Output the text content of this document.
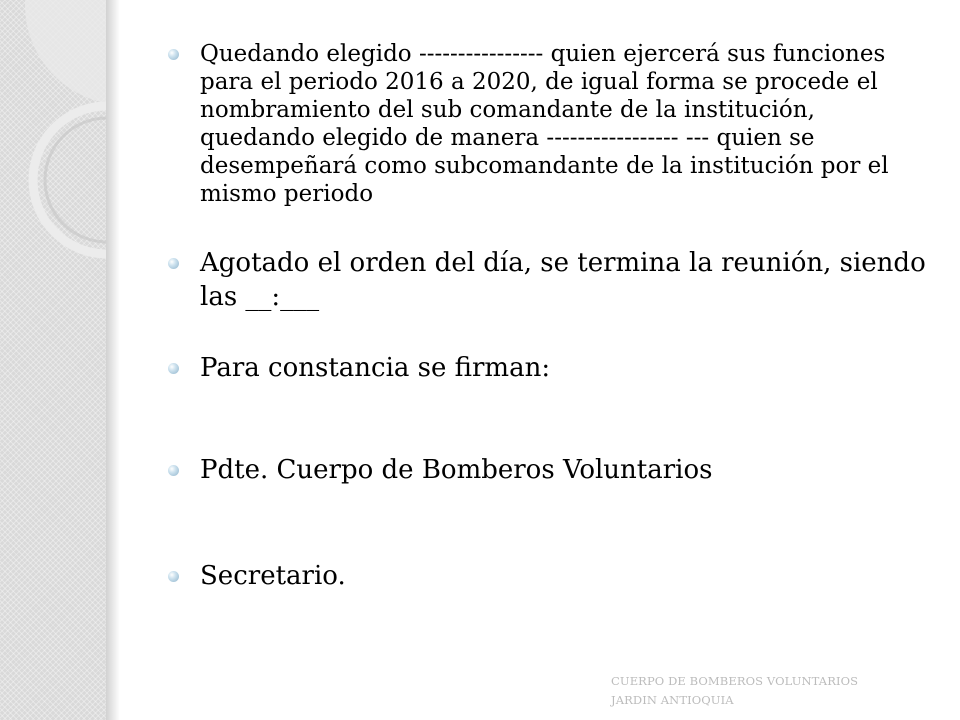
Quedando elegido ---------------- quien ejercerá sus funciones para el periodo 2016 a 2020, de igual forma se procede el nombramiento del sub comandante de la institución, quedando elegido de manera ----------------- --- quien se desempeñará como subcomandante de la institución por el mismo periodo
Agotado el orden del día, se termina la reunión, siendo las __:___
Para constancia se firman:
Pdte. Cuerpo de Bomberos Voluntarios
Secretario.
CUERPO DE BOMBEROS VOLUNTARIOS
JARDIN ANTIOQUIA
